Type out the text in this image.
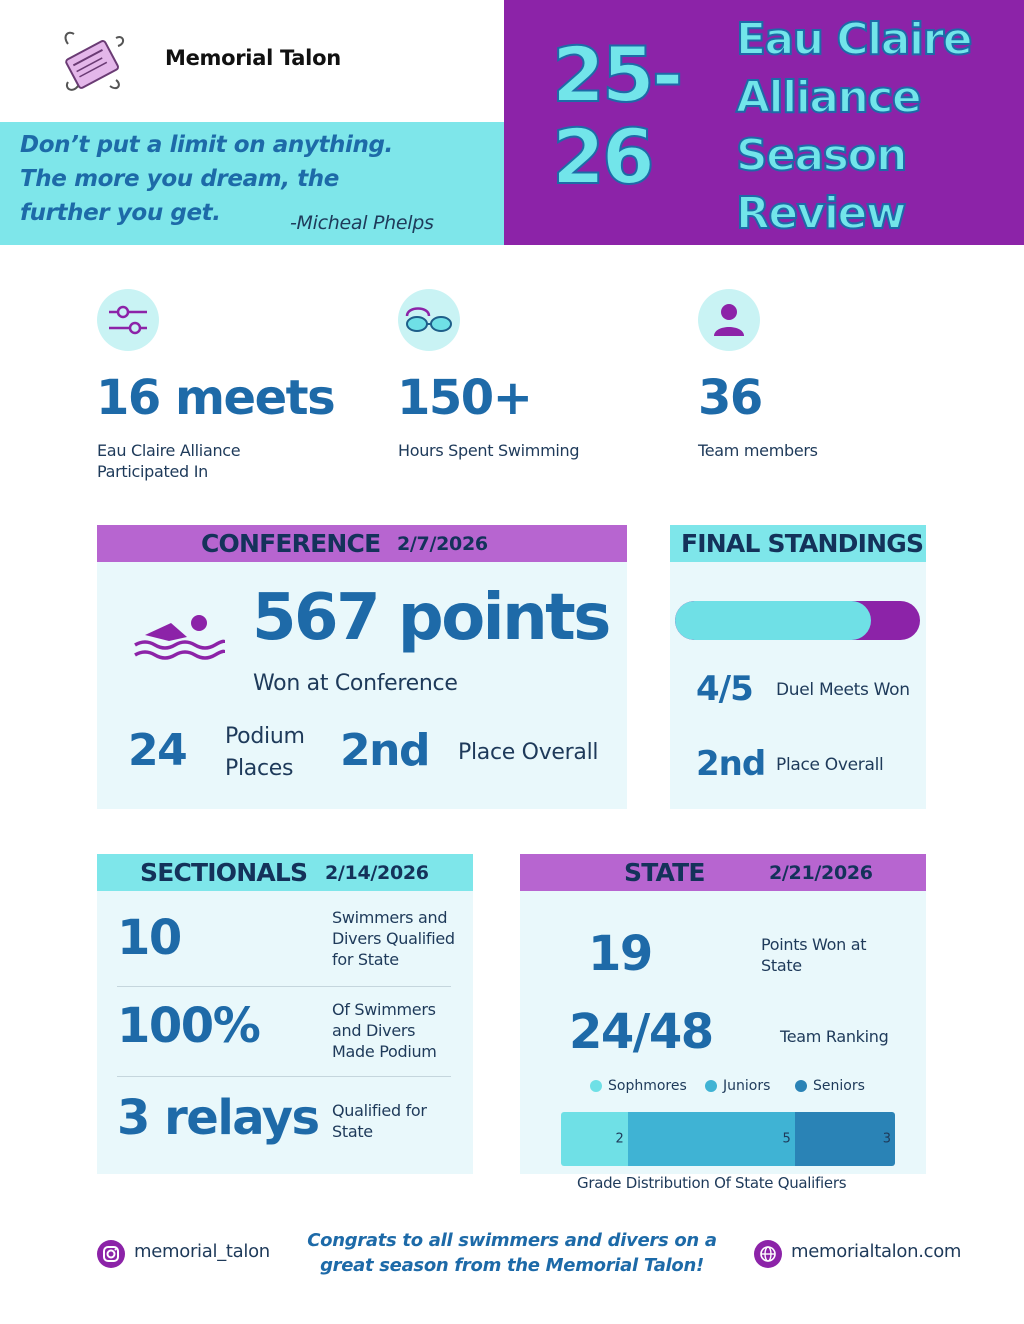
Memorial Talon
Don’t put a limit on anything.
The more you dream, the
further you get.	-Micheal Phelps
25-
26
Eau Claire
Alliance
Season
Review
16 meets
Eau Claire Alliance Participated In
150+
Hours Spent Swimming
36
Team members
CONFERENCE 2/7/2026
567 points
Won at Conference
24 Podium
Places 2nd Place Overall
FINAL STANDINGS
4/5 Duel Meets Won
2nd Place Overall
SECTIONALS 2/14/2026
10	Swimmers and
Divers Qualified
for State
100%	Of Swimmers
and Divers
Made Podium
3 relays Qualified for
State
STATE	2/21/2026
19	Points Won at
State
24/48	Team Ranking
Sophmores	Juniors	Seniors
2	5	3
Grade Distribution Of State Qualifiers
memorial_talon
Congrats to all swimmers and divers on a
great season from the Memorial Talon!
memorialtalon.com
